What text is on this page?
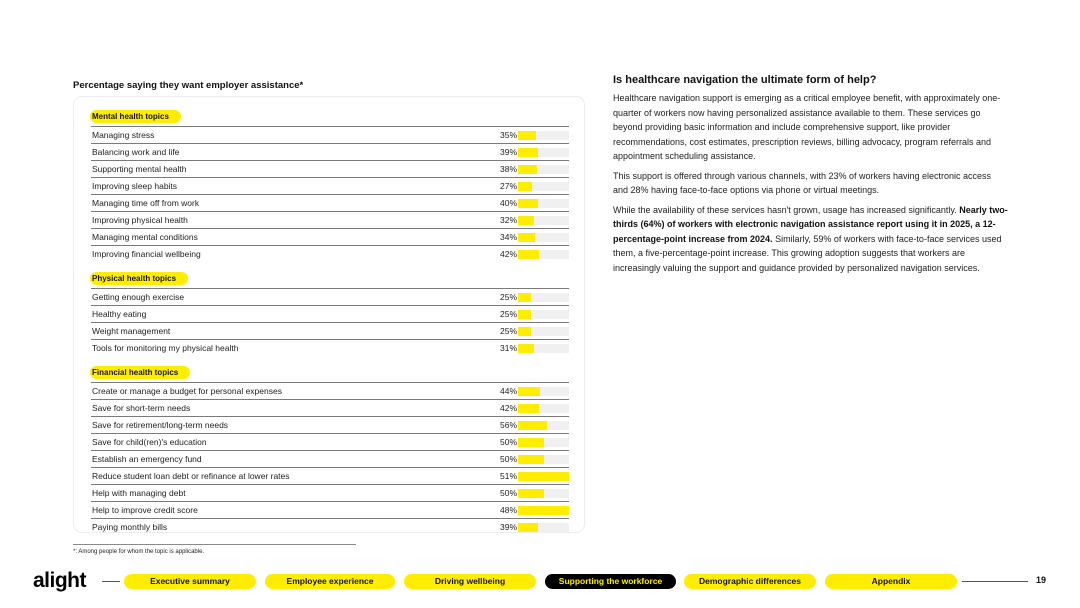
Percentage saying they want employer assistance*
Mental health topics
Managing stress	35%
Balancing work and life	39%
Supporting mental health	38%
Improving sleep habits	27%
Managing time off from work	40%
Improving physical health	32%
Managing mental conditions	34%
Improving financial wellbeing	42%
Physical health topics
Getting enough exercise	25%
Healthy eating	25%
Weight management	25%
Tools for monitoring my physical health	31%
Financial health topics
Create or manage a budget for personal expenses	44%
Save for short-term needs	42%
Save for retirement/long-term needs	56%
Save for child(ren)'s education	50%
Establish an emergency fund	50%
Reduce student loan debt or refinance at lower rates	51%
Help with managing debt	50%
Help to improve credit score	48%
Paying monthly bills	39%
*: Among people for whom the topic is applicable.
Is healthcare navigation the ultimate form of help?

Healthcare navigation support is emerging as a critical employee benefit, with approximately one-quarter of workers now having personalized assistance available to them. These services go beyond providing basic information and include comprehensive support, like provider recommendations, cost estimates, prescription reviews, billing advocacy, program referrals and appointment scheduling assistance.

This support is offered through various channels, with 23% of workers having electronic access and 28% having face-to-face options via phone or virtual meetings.

While the availability of these services hasn't grown, usage has increased significantly. Nearly two-thirds (64%) of workers with electronic navigation assistance report using it in 2025, a 12-percentage-point increase from 2024. Similarly, 59% of workers with face-to-face services used them, a five-percentage-point increase. This growing adoption suggests that workers are increasingly valuing the support and guidance provided by personalized navigation services.

alight	Executive summary	Employee experience	Driving wellbeing	Supporting the workforce	Demographic differences	Appendix	19
